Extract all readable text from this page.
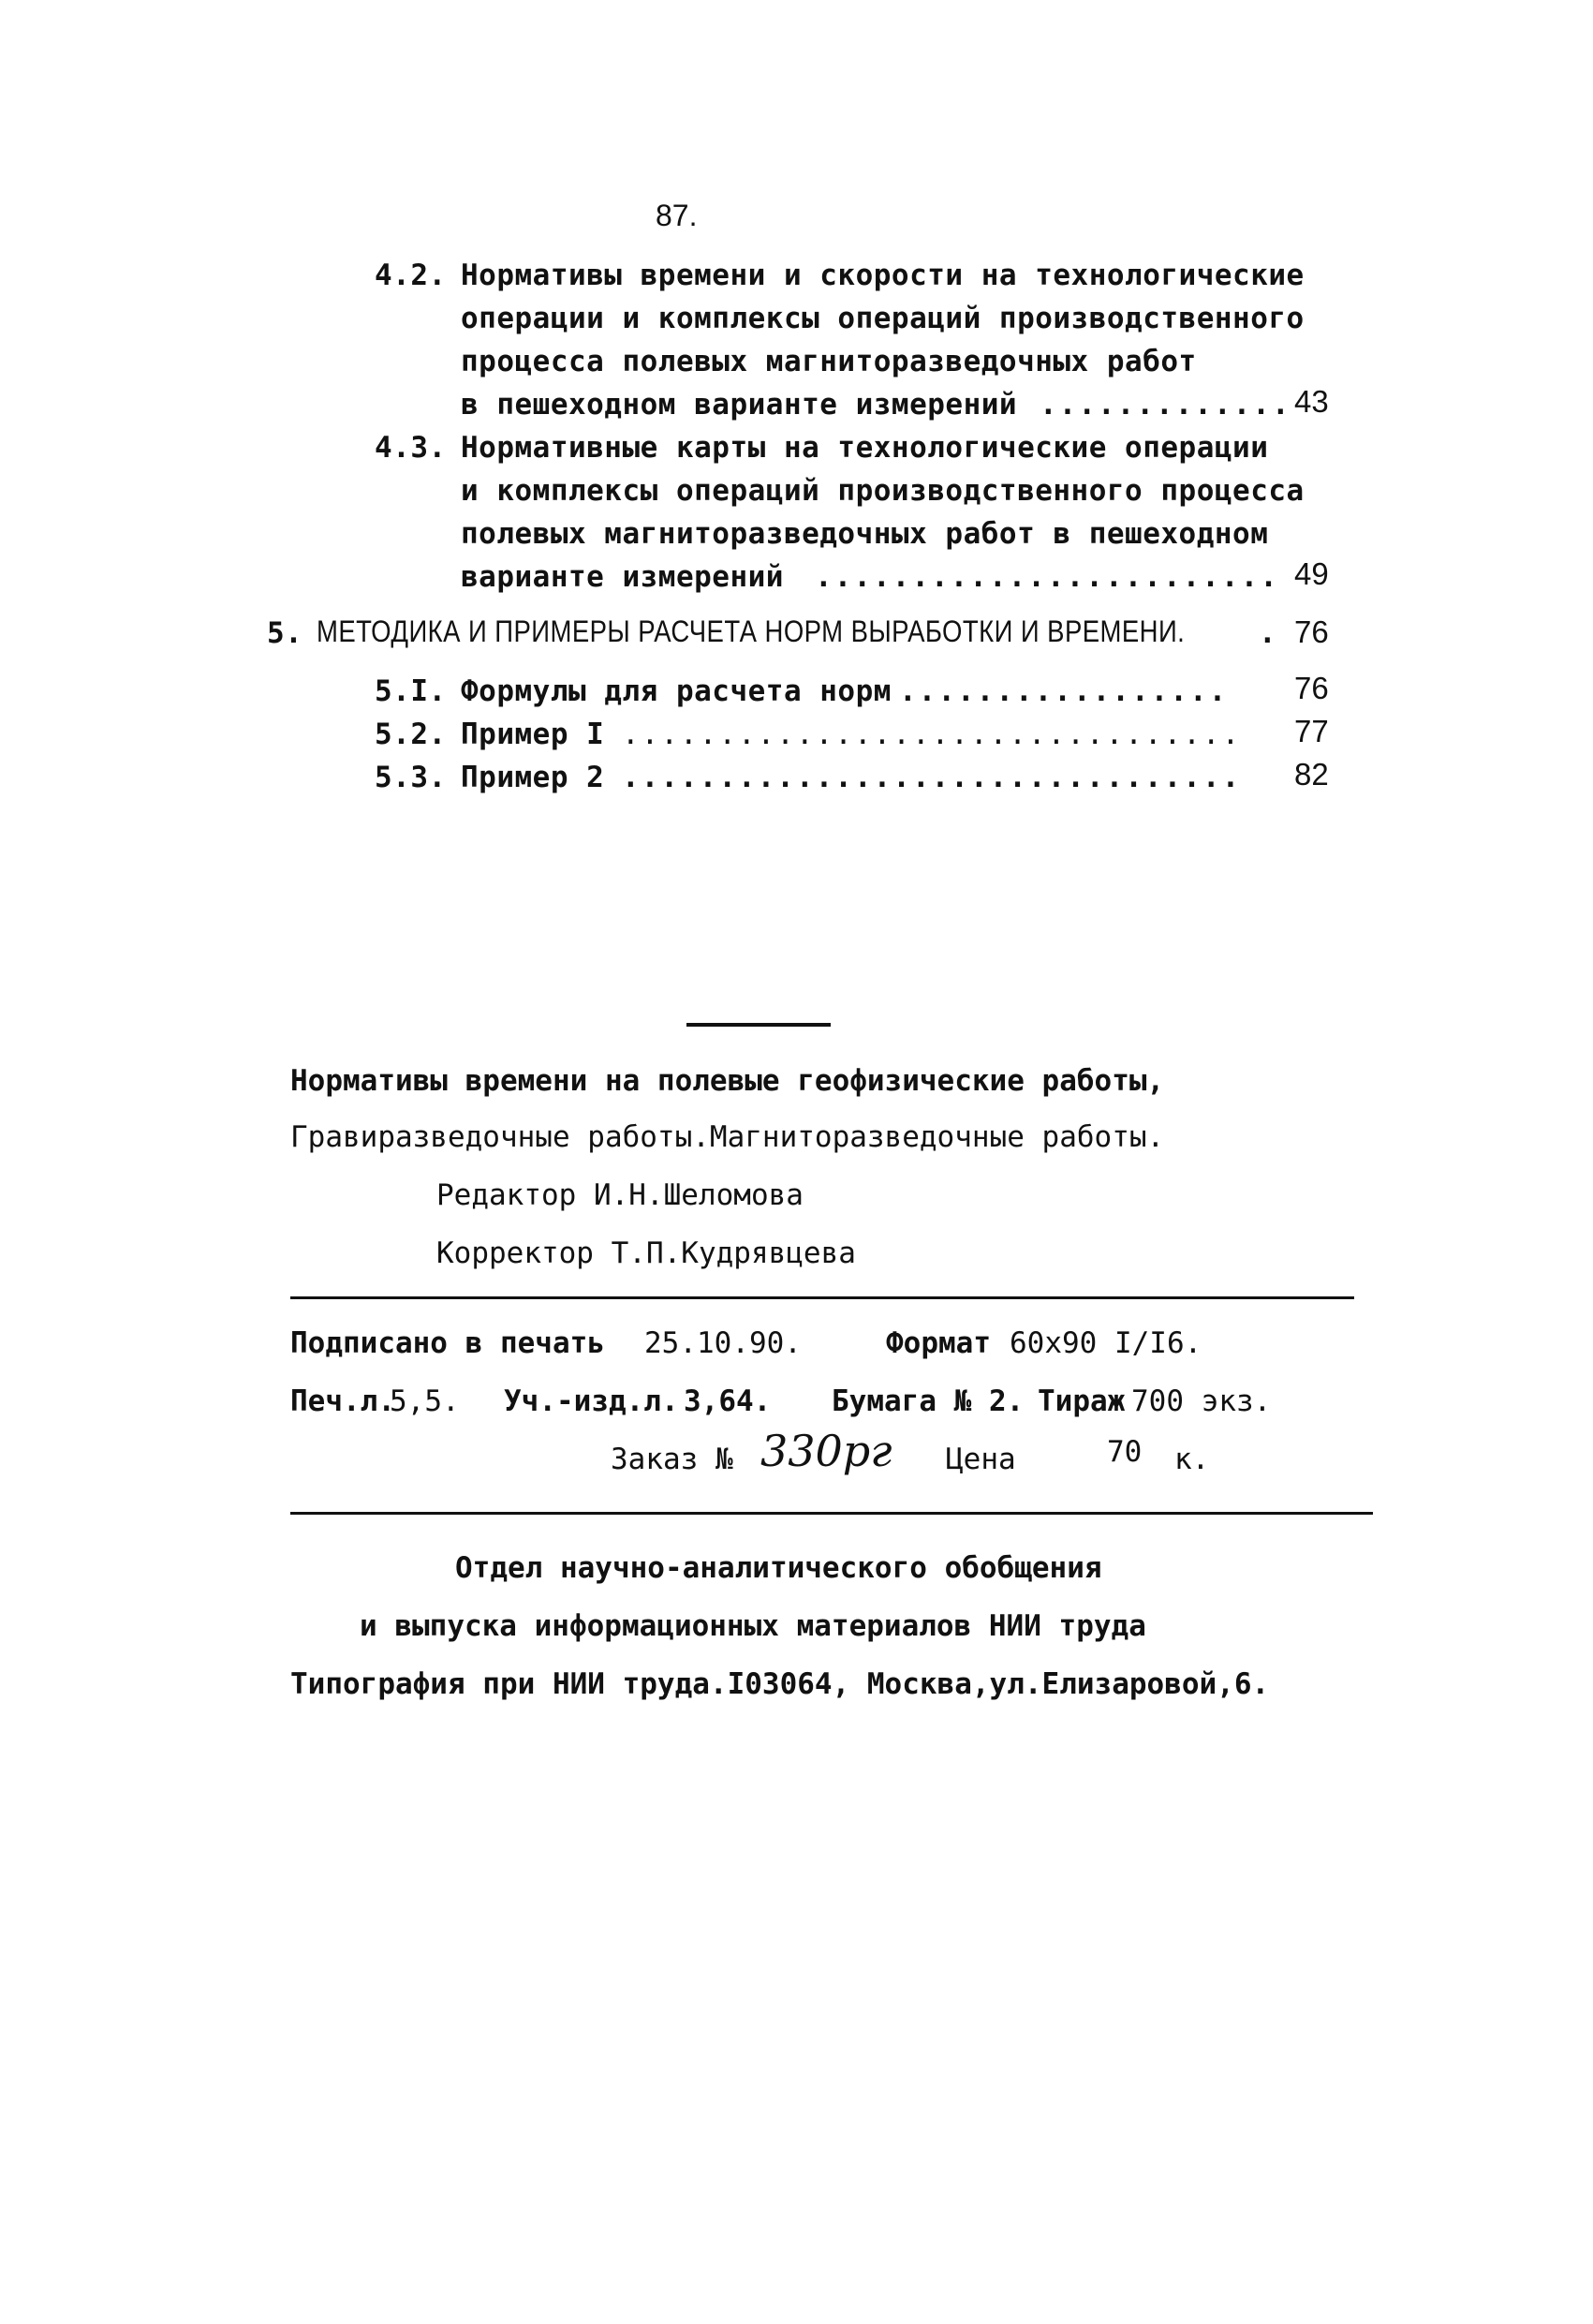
87.
4.2. Нормативы времени и скорости на технологические
операции и комплексы операций производственного
процесса полевых магниторазведочных работ
в пешеходном варианте измерений ............. 43
4.3. Нормативные карты на технологические операции
и комплексы операций производственного процесса
полевых магниторазведочных работ в пешеходном
варианте измерений ........................ 49
5. МЕТОДИКА И ПРИМЕРЫ РАСЧЕТА НОРМ ВЫРАБОТКИ И ВРЕМЕНИ.	. 76
5.I. Формулы для расчета норм ................. 76
5.2. Пример I ................................ 77
5.3. Пример 2 ................................ 82
Нормативы времени на полевые геофизические работы,
Гравиразведочные работы.Магниторазведочные работы.
Редактор И.Н.Шеломова
Корректор Т.П.Кудрявцева
Подписано в печать 25.10.90.	Формат 60х90 I/I6.
Печ.л.
5,5. Уч.-изд.л. 3,64. Бумага № 2. Тираж 700 экз.
Заказ № 330рг Цена	70 к.
Отдел научно-аналитического обобщения
и выпуска информационных материалов НИИ труда
Типография при НИИ труда.I03064, Москва,ул.Елизаровой,6.
